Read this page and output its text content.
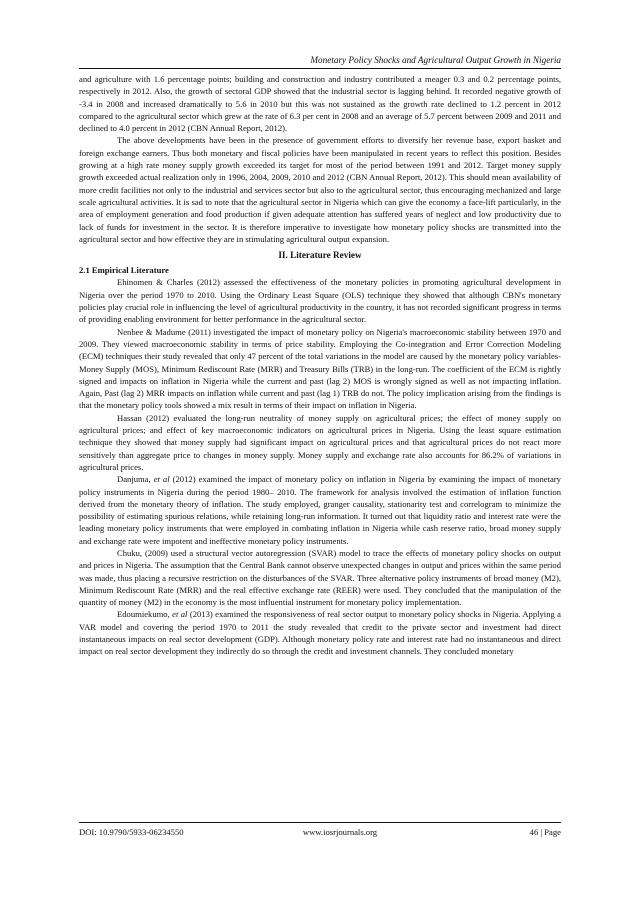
Monetary Policy Shocks and Agricultural Output Growth in Nigeria

and agriculture with 1.6 percentage points; building and construction and industry contributed a meager 0.3 and 0.2 percentage points, respectively in 2012. Also, the growth of sectoral GDP showed that the industrial sector is lagging behind. It recorded negative growth of -3.4 in 2008 and increased dramatically to 5.6 in 2010 but this was not sustained as the growth rate declined to 1.2 percent in 2012 compared to the agricultural sector which grew at the rate of 6.3 per cent in 2008 and an average of 5.7 percent between 2009 and 2011 and declined to 4.0 percent in 2012 (CBN Annual Report, 2012).

The above developments have been in the presence of government efforts to diversify her revenue base, export basket and foreign exchange earners. Thus both monetary and fiscal policies have been manipulated in recent years to reflect this position. Besides growing at a high rate money supply growth exceeded its target for most of the period between 1991 and 2012. Target money supply growth exceeded actual realization only in 1996, 2004, 2009, 2010 and 2012 (CBN Annual Report, 2012). This should mean availability of more credit facilities not only to the industrial and services sector but also to the agricultural sector, thus encouraging mechanized and large scale agricultural activities. It is sad to note that the agricultural sector in Nigeria which can give the economy a face-lift particularly, in the area of employment generation and food production if given adequate attention has suffered years of neglect and low productivity due to lack of funds for investment in the sector. It is therefore imperative to investigate how monetary policy shocks are transmitted into the agricultural sector and how effective they are in stimulating agricultural output expansion.

II. Literature Review
2.1 Empirical Literature

Ehinomen & Charles (2012) assessed the effectiveness of the monetary policies in promoting agricultural development in Nigeria over the period 1970 to 2010. Using the Ordinary Least Square (OLS) technique they showed that although CBN's monetary policies play crucial role in influencing the level of agricultural productivity in the country, it has not recorded significant progress in terms of providing enabling environment for better performance in the agricultural sector.

Nenbee & Madume (2011) investigated the impact of monetary policy on Nigeria's macroeconomic stability between 1970 and 2009. They viewed macroeconomic stability in terms of price stability. Employing the Co-integration and Error Correction Modeling (ECM) techniques their study revealed that only 47 percent of the total variations in the model are caused by the monetary policy variables-Money Supply (MOS), Minimum Rediscount Rate (MRR) and Treasury Bills (TRB) in the long-run. The coefficient of the ECM is rightly signed and impacts on inflation in Nigeria while the current and past (lag 2) MOS is wrongly signed as well as not impacting inflation. Again, Past (lag 2) MRR impacts on inflation while current and past (lag 1) TRB do not. The policy implication arising from the findings is that the monetary policy tools showed a mix result in terms of their impact on inflation in Nigeria.

Hassan (2012) evaluated the long-run neutrality of money supply on agricultural prices; the effect of money supply on agricultural prices; and effect of key macroeconomic indicators on agricultural prices in Nigeria. Using the least square estimation technique they showed that money supply had significant impact on agricultural prices and that agricultural prices do not react more sensitively than aggregate price to changes in money supply. Money supply and exchange rate also accounts for 86.2% of variations in agricultural prices.

Danjuma, et al (2012) examined the impact of monetary policy on inflation in Nigeria by examining the impact of monetary policy instruments in Nigeria during the period 1980– 2010. The framework for analysis involved the estimation of inflation function derived from the monetary theory of inflation. The study employed, granger causality, stationarity test and correlogram to minimize the possibility of estimating spurious relations, while retaining long-run information. It turned out that liquidity ratio and interest rate were the leading monetary policy instruments that were employed in combating inflation in Nigeria while cash reserve ratio, broad money supply and exchange rate were impotent and ineffective monetary policy instruments.

Chuku, (2009) used a structural vector autoregression (SVAR) model to trace the effects of monetary policy shocks on output and prices in Nigeria. The assumption that the Central Bank cannot observe unexpected changes in output and prices within the same period was made, thus placing a recursive restriction on the disturbances of the SVAR. Three alternative policy instruments of broad money (M2), Minimum Rediscount Rate (MRR) and the real effective exchange rate (REER) were used. They concluded that the manipulation of the quantity of money (M2) in the economy is the most influential instrument for monetary policy implementation.

Edoumiekumo, et al (2013) examined the responsiveness of real sector output to monetary policy shocks in Nigeria. Applying a VAR model and covering the period 1970 to 2011 the study revealed that credit to the private sector and investment had direct instantaneous impacts on real sector development (GDP). Although monetary policy rate and interest rate had no instantaneous and direct impact on real sector development they indirectly do so through the credit and investment channels. They concluded monetary

DOI: 10.9790/5933-06234550	www.iosrjournals.org	46 | Page
